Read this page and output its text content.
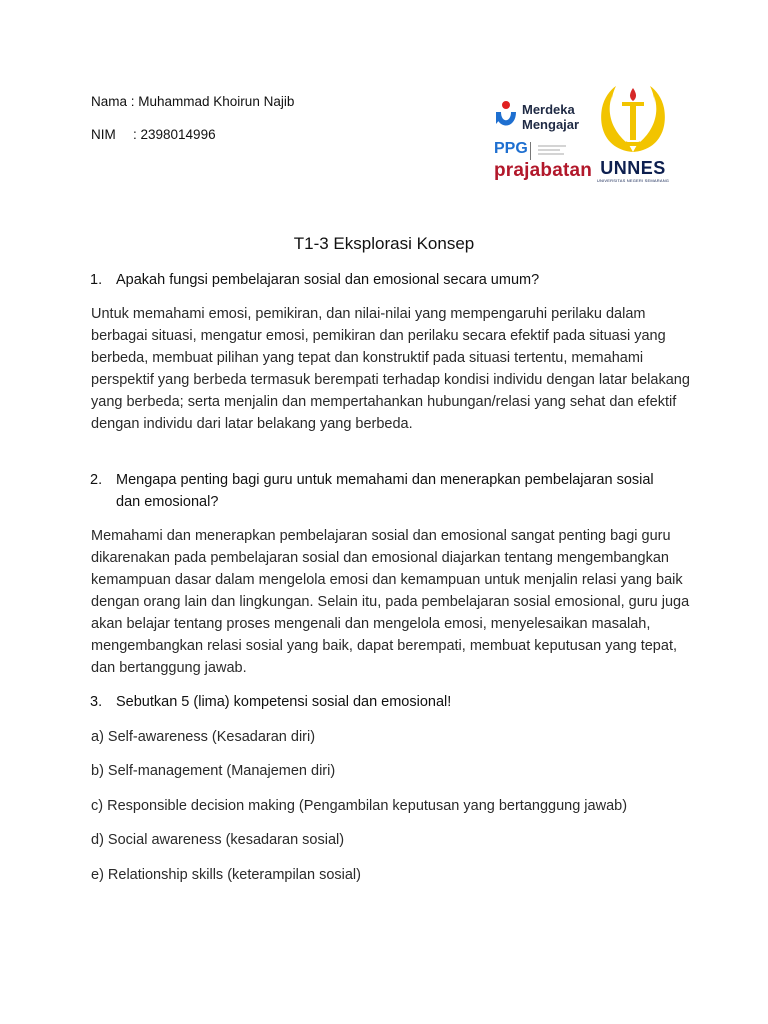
Nama : Muhammad Khoirun Najib
NIM : 2398014996
Merdeka
Mengajar
PPG
prajabatan UNNES
UNIVERSITAS NEGERI SEMARANG
T1-3 Eksplorasi Konsep
1. Apakah fungsi pembelajaran sosial dan emosional secara umum?

Untuk memahami emosi, pemikiran, dan nilai-nilai yang mempengaruhi perilaku dalam berbagai situasi, mengatur emosi, pemikiran dan perilaku secara efektif pada situasi yang berbeda, membuat pilihan yang tepat dan konstruktif pada situasi tertentu, memahami perspektif yang berbeda termasuk berempati terhadap kondisi individu dengan latar belakang yang berbeda; serta menjalin dan mempertahankan hubungan/relasi yang sehat dan efektif dengan individu dari latar belakang yang berbeda.

2. Mengapa penting bagi guru untuk memahami dan menerapkan pembelajaran sosial dan emosional?

Memahami dan menerapkan pembelajaran sosial dan emosional sangat penting bagi guru dikarenakan pada pembelajaran sosial dan emosional diajarkan tentang mengembangkan kemampuan dasar dalam mengelola emosi dan kemampuan untuk menjalin relasi yang baik dengan orang lain dan lingkungan. Selain itu, pada pembelajaran sosial emosional, guru juga akan belajar tentang proses mengenali dan mengelola emosi, menyelesaikan masalah, mengembangkan relasi sosial yang baik, dapat berempati, membuat keputusan yang tepat, dan bertanggung jawab.

3. Sebutkan 5 (lima) kompetensi sosial dan emosional!
a) Self-awareness (Kesadaran diri)
b) Self-management (Manajemen diri)
c) Responsible decision making (Pengambilan keputusan yang bertanggung jawab)
d) Social awareness (kesadaran sosial)
e) Relationship skills (keterampilan sosial)
